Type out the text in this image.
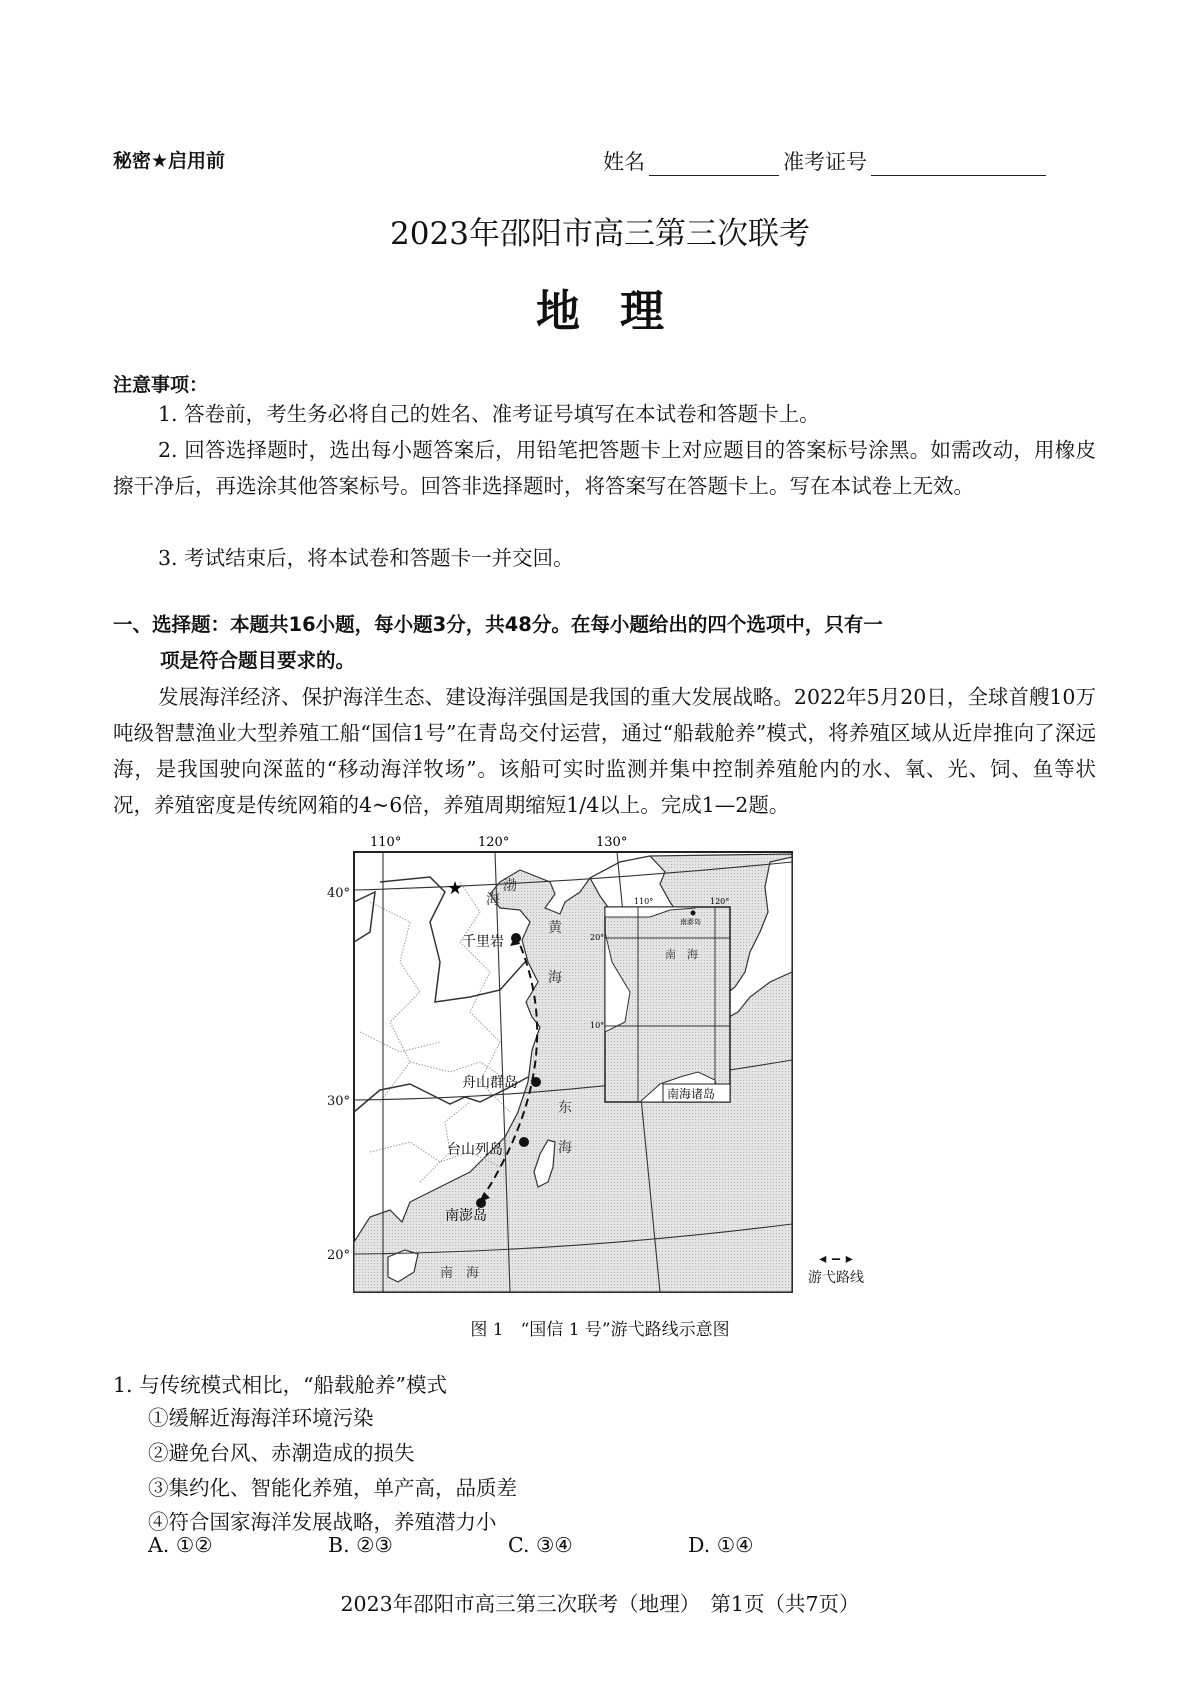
秘密★启用前	姓名	准考证号
2023年邵阳市高三第三次联考
地理
注意事项：
1. 答卷前，考生务必将自己的姓名、准考证号填写在本试卷和答题卡上。
2. 回答选择题时，选出每小题答案后，用铅笔把答题卡上对应题目的答案标号涂黑。如需改动，用橡皮擦干净后，再选涂其他答案标号。回答非选择题时，将答案写在答题卡上。写在本试卷上无效。
3. 考试结束后，将本试卷和答题卡一并交回。
一、选择题：本题共16小题，每小题3分，共48分。在每小题给出的四个选项中，只有一
项是符合题目要求的。
发展海洋经济、保护海洋生态、建设海洋强国是我国的重大发展战略。2022年5月20日，全球首艘10万吨级智慧渔业大型养殖工船“国信1号”在青岛交付运营，通过“船载舱养”模式，将养殖区域从近岸推向了深远海，是我国驶向深蓝的“移动海洋牧场”。该船可实时监测并集中控制养殖舱内的水、氧、光、饲、鱼等状况，养殖密度是传统网箱的4~6倍，养殖周期缩短1/4以上。完成1—2题。
110°	120°	130°
★	渤
海
黄
海
东
海
南　海
千里岩
舟山群岛
台山列岛
南澎岛
南澎岛
南　海
110°	120°
20°
10°
南海诸岛
40°
30°
20°	◂ ‒ ▸
游弋路线
图 1　“国信 1 号”游弋路线示意图
1. 与传统模式相比，“船载舱养”模式
①缓解近海海洋环境污染
②避免台风、赤潮造成的损失
③集约化、智能化养殖，单产高，品质差
④符合国家海洋发展战略，养殖潜力小
A. ①②	B. ②③	C. ③④	D. ①④
2023年邵阳市高三第三次联考（地理）　第1页（共7页）
